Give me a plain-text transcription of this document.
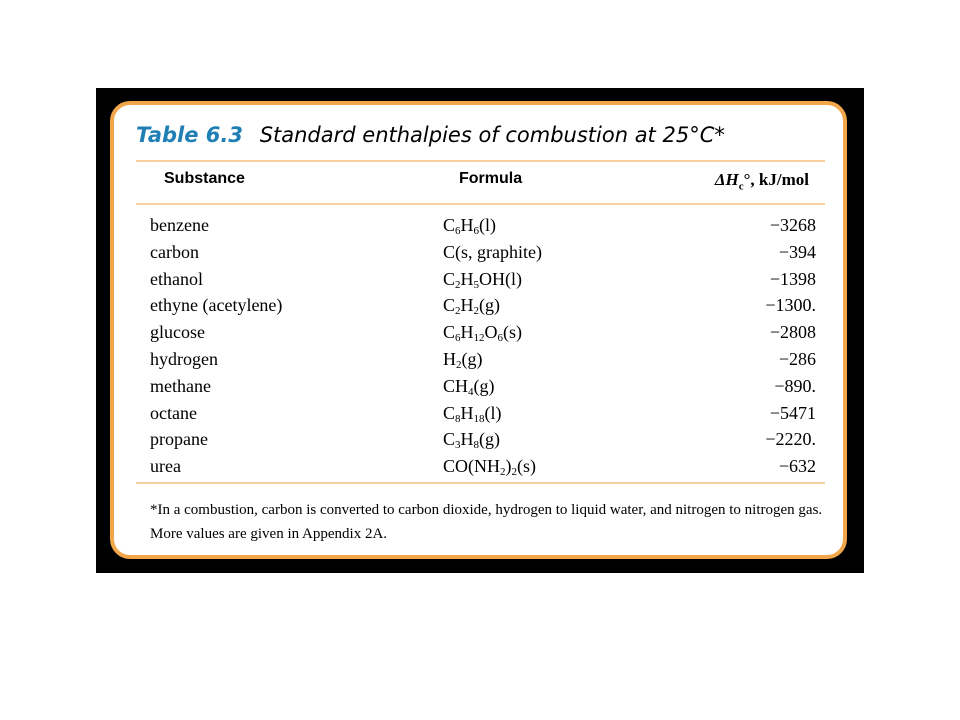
Table 6.3 Standard enthalpies of combustion at 25°C*
Substance	Formula	$\Delta H_c^\circ$, kJ/mol
benzene	$C_6H_6(l)$	−3268
carbon	C(s, graphite)	−394
ethanol	$C_2H_5OH(l)$	−1398
ethyne (acetylene)	$C_2H_2(g)$	−1300.
glucose	$C_6H_{12}O_6(s)$	−2808
hydrogen	$H_2(g)$	−286
methane	$CH_4(g)$	−890.
octane	$C_8H_{18}(l)$	−5471
propane	$C_3H_8(g)$	−2220.
urea	$CO(NH_2)_2(s)$	−632
*In a combustion, carbon is converted to carbon dioxide, hydrogen to liquid water, and nitrogen to nitrogen gas. More values are given in Appendix 2A.
